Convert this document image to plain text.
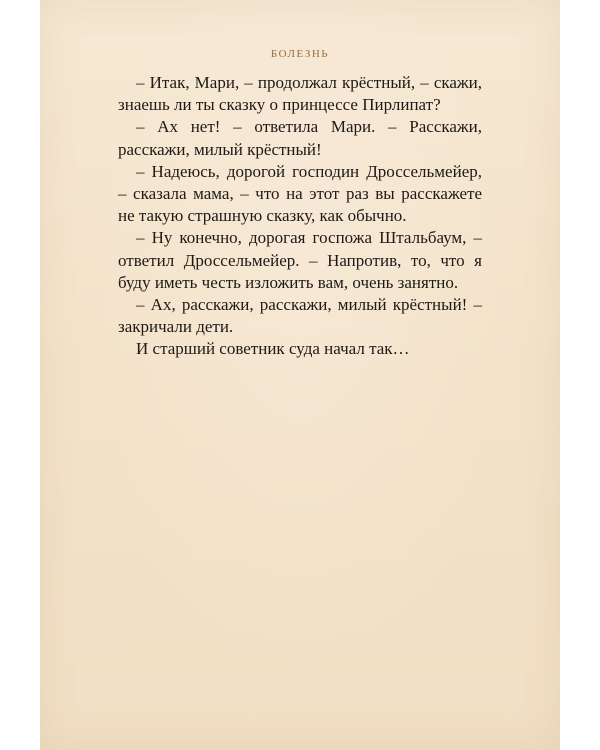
БОЛЕЗНЬ

– Итак, Мари, – продолжал крёстный, – скажи, знаешь ли ты сказку о принцессе Пирлипат?

– Ах нет! – ответила Мари. – Расскажи, расскажи, милый крёстный!

– Надеюсь, дорогой господин Дроссельмейер, – сказала мама, – что на этот раз вы расскажете не такую страшную сказку, как обычно.

– Ну конечно, дорогая госпожа Штальбаум, – ответил Дроссельмейер. – Напротив, то, что я буду иметь честь изложить вам, очень занятно.

– Ах, расскажи, расскажи, милый крёстный! – закричали дети.

И старший советник суда начал так…
